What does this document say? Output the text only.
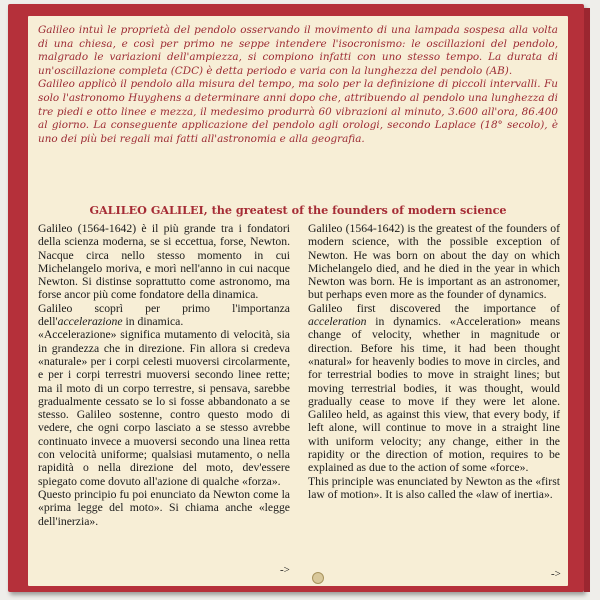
Galileo intuì le proprietà del pendolo osservando il movimento di una lampada sospesa alla volta di una chiesa, e così per primo ne seppe intendere l'isocronismo: le oscillazioni del pendolo, malgrado le variazioni dell'ampiezza, si compiono infatti con uno stesso tempo. La durata di un'oscillazione completa (CDC) è detta periodo e varia con la lunghezza del pendolo (AB).

Galileo applicò il pendolo alla misura del tempo, ma solo per la definizione di piccoli intervalli. Fu solo l'astronomo Huyghens a determinare anni dopo che, attribuendo al pendolo una lunghezza di tre piedi e otto linee e mezza, il medesimo produrrà 60 vibrazioni al minuto, 3.600 all'ora, 86.400 al giorno. La conseguente applicazione del pendolo agli orologi, secondo Laplace (18° secolo), è uno dei più bei regali mai fatti all'astronomia e alla geografia.

GALILEO GALILEI, the greatest of the founders of modern science

Galileo (1564-1642) è il più grande tra i fondatori della scienza moderna, se si eccettua, forse, Newton. Nacque circa nello stesso momento in cui Michelangelo moriva, e morì nell'anno in cui nacque Newton. Si distinse soprattutto come astronomo, ma forse ancor più come fondatore della dinamica.

Galileo scoprì per primo l'importanza dell'accelerazione in dinamica.

«Accelerazione» significa mutamento di velocità, sia in grandezza che in direzione. Fin allora si credeva «naturale» per i corpi celesti muoversi circolarmente, e per i corpi terrestri muoversi secondo linee rette; ma il moto di un corpo terrestre, si pensava, sarebbe gradualmente cessato se lo si fosse abbandonato a se stesso. Galileo sostenne, contro questo modo di vedere, che ogni corpo lasciato a se stesso avrebbe continuato invece a muoversi secondo una linea retta con velocità uniforme; qualsiasi mutamento, o nella rapidità o nella direzione del moto, dev'essere spiegato come dovuto all'azione di qualche «forza».

Questo principio fu poi enunciato da Newton come la «prima legge del moto». Si chiama anche «legge dell'inerzia».

->

Galileo (1564-1642) is the greatest of the founders of modern science, with the possible exception of Newton. He was born on about the day on which Michelangelo died, and he died in the year in which Newton was born. He is important as an astronomer, but perhaps even more as the founder of dynamics.

Galileo first discovered the importance of acceleration in dynamics. «Acceleration» means change of velocity, whether in magnitude or direction. Before his time, it had been thought «natural» for heavenly bodies to move in circles, and for terrestrial bodies to move in straight lines; but moving terrestrial bodies, it was thought, would gradually cease to move if they were let alone. Galileo held, as against this view, that every body, if left alone, will continue to move in a straight line with uniform velocity; any change, either in the rapidity or the direction of motion, requires to be explained as due to the action of some «force».

This principle was enunciated by Newton as the «first law of motion». It is also called the «law of inertia».

->
